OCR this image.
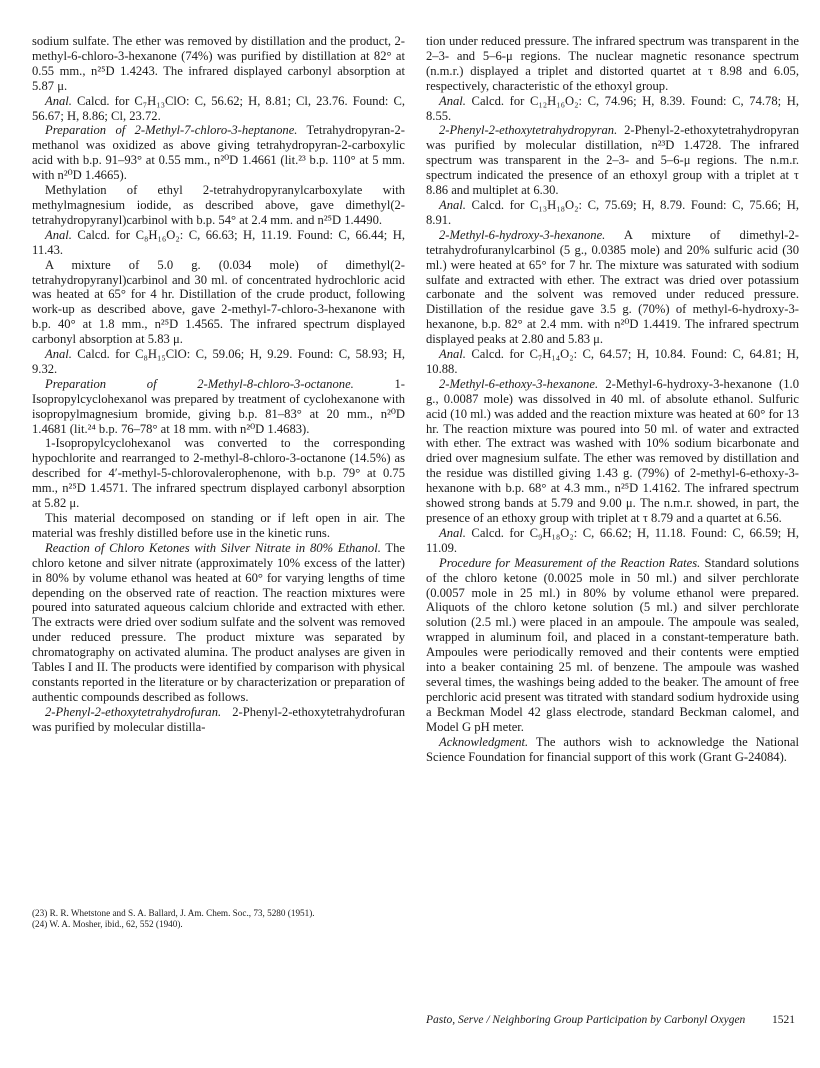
sodium sulfate. The ether was removed by distillation and the product, 2-methyl-6-chloro-3-hexanone (74%) was purified by distillation at 82° at 0.55 mm., n²⁵D 1.4243. The infrared displayed carbonyl absorption at 5.87 μ.

Anal. Calcd. for C₇H₁₃ClO: C, 56.62; H, 8.81; Cl, 23.76. Found: C, 56.67; H, 8.86; Cl, 23.72.

Preparation of 2-Methyl-7-chloro-3-heptanone. Tetrahydropyran-2-methanol was oxidized as above giving tetrahydropyran-2-carboxylic acid with b.p. 91–93° at 0.55 mm., n²⁰D 1.4661 (lit.²³ b.p. 110° at 5 mm. with n²⁰D 1.4665).

Methylation of ethyl 2-tetrahydropyranylcarboxylate with methylmagnesium iodide, as described above, gave dimethyl(2-tetrahydropyranyl)carbinol with b.p. 54° at 2.4 mm. and n²⁵D 1.4490.

Anal. Calcd. for C₈H₁₆O₂: C, 66.63; H, 11.19. Found: C, 66.44; H, 11.43.

A mixture of 5.0 g. (0.034 mole) of dimethyl(2-tetrahydropyranyl)carbinol and 30 ml. of concentrated hydrochloric acid was heated at 65° for 4 hr. Distillation of the crude product, following work-up as described above, gave 2-methyl-7-chloro-3-hexanone with b.p. 40° at 1.8 mm., n²⁵D 1.4565. The infrared spectrum displayed carbonyl absorption at 5.83 μ.

Anal. Calcd. for C₈H₁₅ClO: C, 59.06; H, 9.29. Found: C, 58.93; H, 9.32.

Preparation of 2-Methyl-8-chloro-3-octanone. 1-Isopropylcyclohexanol was prepared by treatment of cyclohexanone with isopropylmagnesium bromide, giving b.p. 81–83° at 20 mm., n²⁰D 1.4681 (lit.²⁴ b.p. 76–78° at 18 mm. with n²⁰D 1.4683).

1-Isopropylcyclohexanol was converted to the corresponding hypochlorite and rearranged to 2-methyl-8-chloro-3-octanone (14.5%) as described for 4′-methyl-5-chlorovalerophenone, with b.p. 79° at 0.75 mm., n²⁵D 1.4571. The infrared spectrum displayed carbonyl absorption at 5.82 μ.

This material decomposed on standing or if left open in air. The material was freshly distilled before use in the kinetic runs.

Reaction of Chloro Ketones with Silver Nitrate in 80% Ethanol. The chloro ketone and silver nitrate (approximately 10% excess of the latter) in 80% by volume ethanol was heated at 60° for varying lengths of time depending on the observed rate of reaction. The reaction mixtures were poured into saturated aqueous calcium chloride and extracted with ether. The extracts were dried over sodium sulfate and the solvent was removed under reduced pressure. The product mixture was separated by chromatography on activated alumina. The product analyses are given in Tables I and II. The products were identified by comparison with physical constants reported in the literature or by characterization or preparation of authentic compounds described as follows.

2-Phenyl-2-ethoxytetrahydrofuran. 2-Phenyl-2-ethoxytetrahydrofuran was purified by molecular distilla-

tion under reduced pressure. The infrared spectrum was transparent in the 2–3- and 5–6-μ regions. The nuclear magnetic resonance spectrum (n.m.r.) displayed a triplet and distorted quartet at τ 8.98 and 6.05, respectively, characteristic of the ethoxyl group.

Anal. Calcd. for C₁₂H₁₆O₂: C, 74.96; H, 8.39. Found: C, 74.78; H, 8.55.

2-Phenyl-2-ethoxytetrahydropyran. 2-Phenyl-2-ethoxytetrahydropyran was purified by molecular distillation, n²³D 1.4728. The infrared spectrum was transparent in the 2–3- and 5–6-μ regions. The n.m.r. spectrum indicated the presence of an ethoxyl group with a triplet at τ 8.86 and multiplet at 6.30.

Anal. Calcd. for C₁₃H₁₈O₂: C, 75.69; H, 8.79. Found: C, 75.66; H, 8.91.

2-Methyl-6-hydroxy-3-hexanone. A mixture of dimethyl-2-tetrahydrofuranylcarbinol (5 g., 0.0385 mole) and 20% sulfuric acid (30 ml.) were heated at 65° for 7 hr. The mixture was saturated with sodium sulfate and extracted with ether. The extract was dried over potassium carbonate and the solvent was removed under reduced pressure. Distillation of the residue gave 3.5 g. (70%) of methyl-6-hydroxy-3-hexanone, b.p. 82° at 2.4 mm. with n²⁰D 1.4419. The infrared spectrum displayed peaks at 2.80 and 5.83 μ.

Anal. Calcd. for C₇H₁₄O₂: C, 64.57; H, 10.84. Found: C, 64.81; H, 10.88.

2-Methyl-6-ethoxy-3-hexanone. 2-Methyl-6-hydroxy-3-hexanone (1.0 g., 0.0087 mole) was dissolved in 40 ml. of absolute ethanol. Sulfuric acid (10 ml.) was added and the reaction mixture was heated at 60° for 13 hr. The reaction mixture was poured into 50 ml. of water and extracted with ether. The extract was washed with 10% sodium bicarbonate and dried over magnesium sulfate. The ether was removed by distillation and the residue was distilled giving 1.43 g. (79%) of 2-methyl-6-ethoxy-3-hexanone with b.p. 68° at 4.3 mm., n²⁵D 1.4162. The infrared spectrum showed strong bands at 5.79 and 9.00 μ. The n.m.r. showed, in part, the presence of an ethoxy group with triplet at τ 8.79 and a quartet at 6.56.

Anal. Calcd. for C₉H₁₈O₂: C, 66.62; H, 11.18. Found: C, 66.59; H, 11.09.

Procedure for Measurement of the Reaction Rates. Standard solutions of the chloro ketone (0.0025 mole in 50 ml.) and silver perchlorate (0.0057 mole in 25 ml.) in 80% by volume ethanol were prepared. Aliquots of the chloro ketone solution (5 ml.) and silver perchlorate solution (2.5 ml.) were placed in an ampoule. The ampoule was sealed, wrapped in aluminum foil, and placed in a constant-temperature bath. Ampoules were periodically removed and their contents were emptied into a beaker containing 25 ml. of benzene. The ampoule was washed several times, the washings being added to the beaker. The amount of free perchloric acid present was titrated with standard sodium hydroxide using a Beckman Model 42 glass electrode, standard Beckman calomel, and Model G pH meter.

Acknowledgment. The authors wish to acknowledge the National Science Foundation for financial support of this work (Grant G-24084).

(23) R. R. Whetstone and S. A. Ballard, J. Am. Chem. Soc., 73, 5280 (1951).

(24) W. A. Mosher, ibid., 62, 552 (1940).

Pasto, Serve / Neighboring Group Participation by Carbonyl Oxygen 1521
